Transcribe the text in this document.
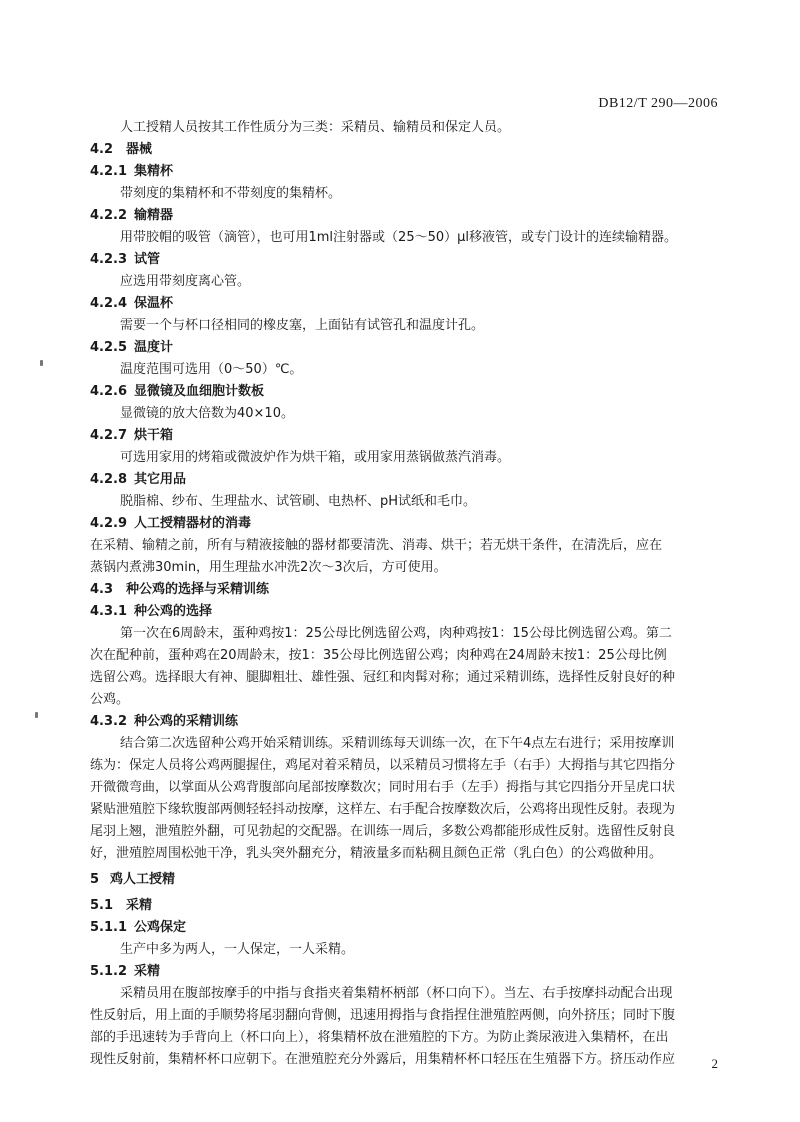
DB12/T 290—2006
人工授精人员按其工作性质分为三类：采精员、输精员和保定人员。
4.2 器械
4.2.1 集精杯
带刻度的集精杯和不带刻度的集精杯。
4.2.2 输精器
用带胶帽的吸管（滴管），也可用1ml注射器或（25～50）μl移液管，或专门设计的连续输精器。
4.2.3 试管
应选用带刻度离心管。
4.2.4 保温杯
需要一个与杯口径相同的橡皮塞，上面钻有试管孔和温度计孔。
4.2.5 温度计
温度范围可选用（0～50）℃。
4.2.6 显微镜及血细胞计数板
显微镜的放大倍数为40×10。
4.2.7 烘干箱
可选用家用的烤箱或微波炉作为烘干箱，或用家用蒸锅做蒸汽消毒。
4.2.8 其它用品
脱脂棉、纱布、生理盐水、试管刷、电热杯、pH试纸和毛巾。
4.2.9 人工授精器材的消毒
在采精、输精之前，所有与精液接触的器材都要清洗、消毒、烘干；若无烘干条件，在清洗后，应在
蒸锅内煮沸30min，用生理盐水冲洗2次～3次后，方可使用。
4.3 种公鸡的选择与采精训练
4.3.1 种公鸡的选择
第一次在6周龄末，蛋种鸡按1：25公母比例选留公鸡，肉种鸡按1：15公母比例选留公鸡。第二
次在配种前，蛋种鸡在20周龄末，按1：35公母比例选留公鸡；肉种鸡在24周龄末按1：25公母比例
选留公鸡。选择眼大有神、腿脚粗壮、雄性强、冠红和肉髯对称；通过采精训练，选择性反射良好的种
公鸡。
4.3.2 种公鸡的采精训练
结合第二次选留种公鸡开始采精训练。采精训练每天训练一次，在下午4点左右进行；采用按摩训
练为：保定人员将公鸡两腿握住，鸡尾对着采精员，以采精员习惯将左手（右手）大拇指与其它四指分
开微微弯曲，以掌面从公鸡背腹部向尾部按摩数次；同时用右手（左手）拇指与其它四指分开呈虎口状
紧贴泄殖腔下缘软腹部两侧轻轻抖动按摩，这样左、右手配合按摩数次后，公鸡将出现性反射。表现为
尾羽上翘，泄殖腔外翻，可见勃起的交配器。在训练一周后，多数公鸡都能形成性反射。选留性反射良
好，泄殖腔周围松弛干净，乳头突外翻充分，精液量多而粘稠且颜色正常（乳白色）的公鸡做种用。
5 鸡人工授精
5.1 采精
5.1.1 公鸡保定
生产中多为两人，一人保定，一人采精。
5.1.2 采精
采精员用在腹部按摩手的中指与食指夹着集精杯柄部（杯口向下）。当左、右手按摩抖动配合出现
性反射后，用上面的手顺势将尾羽翻向背侧，迅速用拇指与食指捏住泄殖腔两侧，向外挤压；同时下腹
部的手迅速转为手背向上（杯口向上），将集精杯放在泄殖腔的下方。为防止粪尿液进入集精杯，在出
现性反射前，集精杯杯口应朝下。在泄殖腔充分外露后，用集精杯杯口轻压在生殖器下方。挤压动作应	2
